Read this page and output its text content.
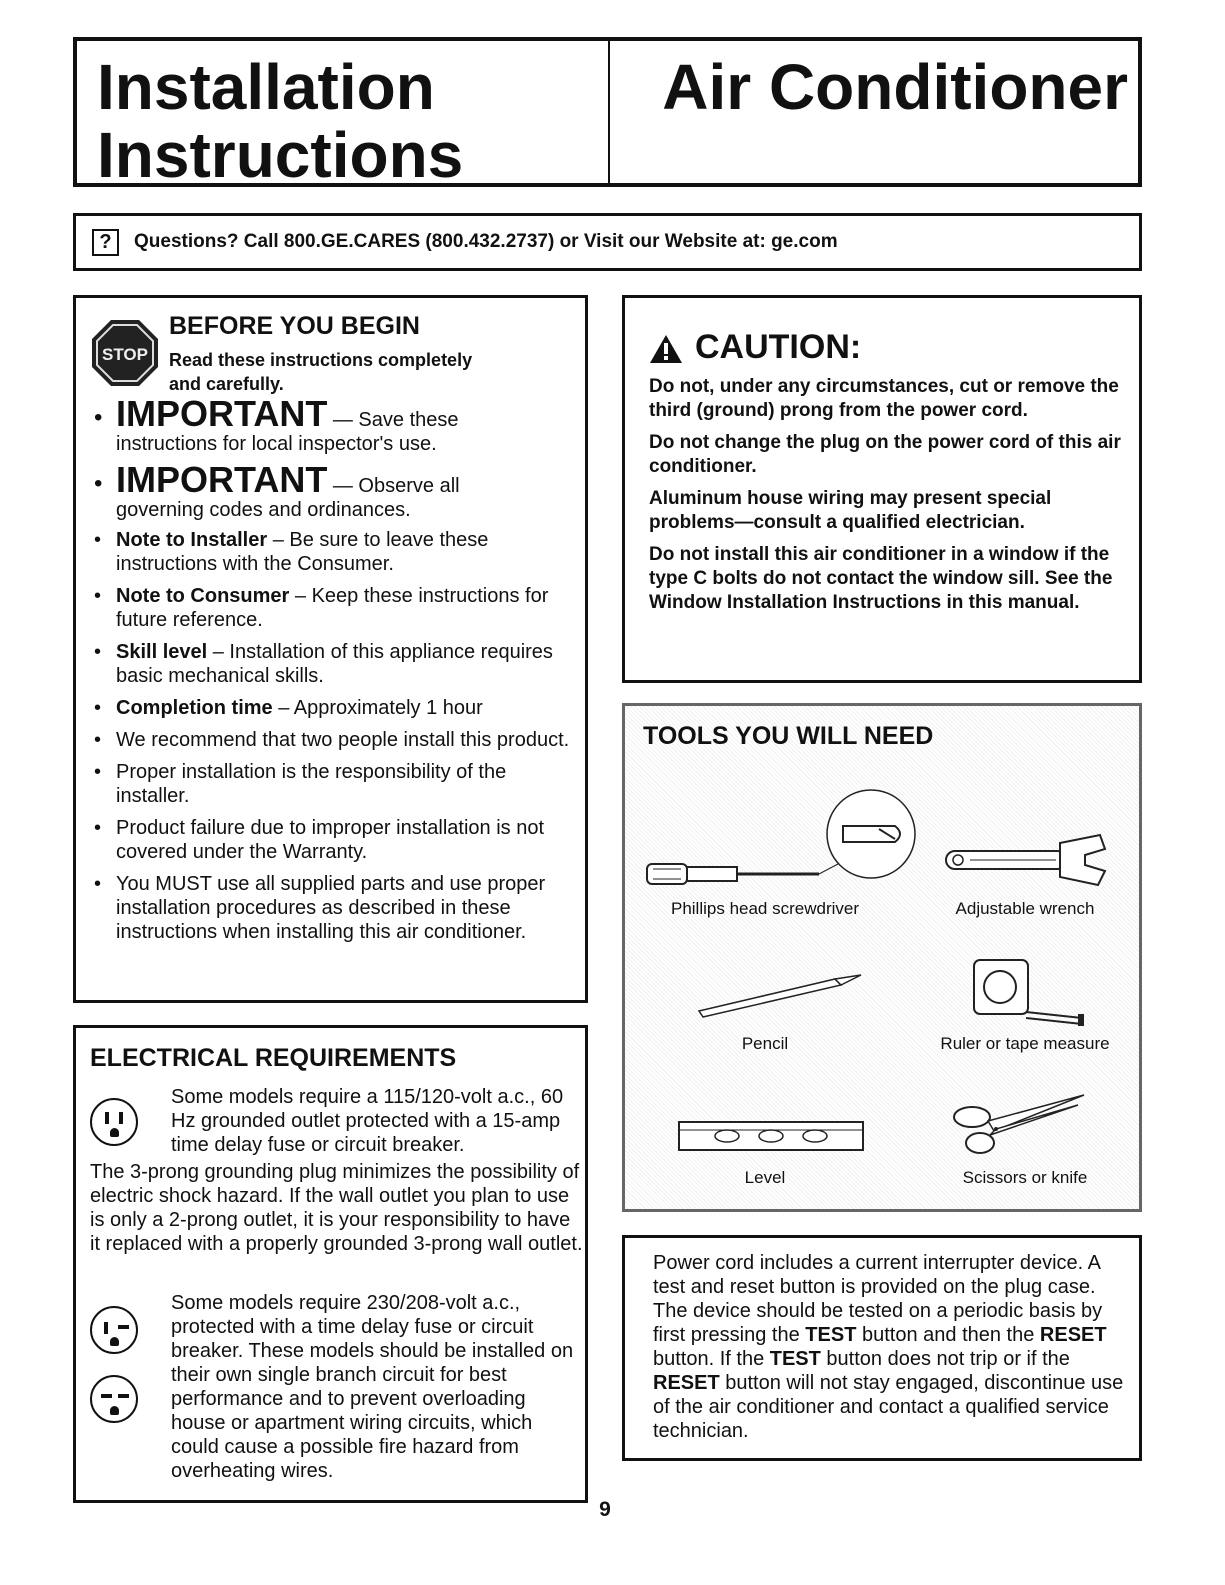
Installation
Instructions
Air Conditioner
?	Questions? Call 800.GE.CARES (800.432.2737) or Visit our Website at: ge.com
STOP
BEFORE YOU BEGIN
Read these instructions completely
and carefully.
• IMPORTANT — Save these
instructions for local inspector's use.
• IMPORTANT — Observe all
governing codes and ordinances.
• Note to Installer – Be sure to leave these instructions with the Consumer.
• Note to Consumer – Keep these instructions for future reference.
• Skill level – Installation of this appliance requires basic mechanical skills.
• Completion time – Approximately 1 hour
• We recommend that two people install this product.
• Proper installation is the responsibility of the installer.
• Product failure due to improper installation is not covered under the Warranty.
• You MUST use all supplied parts and use proper installation procedures as described in these instructions when installing this air conditioner.
ELECTRICAL REQUIREMENTS
Some models require a 115/120-volt a.c., 60 Hz grounded outlet protected with a 15-amp time delay fuse or circuit breaker.
The 3-prong grounding plug minimizes the possibility of electric shock hazard. If the wall outlet you plan to use is only a 2-prong outlet, it is your responsibility to have it replaced with a properly grounded 3-prong wall outlet.
Some models require 230/208-volt a.c., protected with a time delay fuse or circuit breaker. These models should be installed on their own single branch circuit for best performance and to prevent overloading house or apartment wiring circuits, which could cause a possible fire hazard from overheating wires.
CAUTION:

Do not, under any circumstances, cut or remove the third (ground) prong from the power cord.

Do not change the plug on the power cord of this air conditioner.

Aluminum house wiring may present special problems—consult a qualified electrician.

Do not install this air conditioner in a window if the type C bolts do not contact the window sill. See the Window Installation Instructions in this manual.

TOOLS YOU WILL NEED
Phillips head screwdriver	Adjustable wrench
Pencil	Ruler or tape measure
Level	Scissors or knife
Power cord includes a current interrupter device. A test and reset button is provided on the plug case. The device should be tested on a periodic basis by first pressing the TEST button and then the RESET button. If the TEST button does not trip or if the RESET button will not stay engaged, discontinue use of the air conditioner and contact a qualified service technician.
9
